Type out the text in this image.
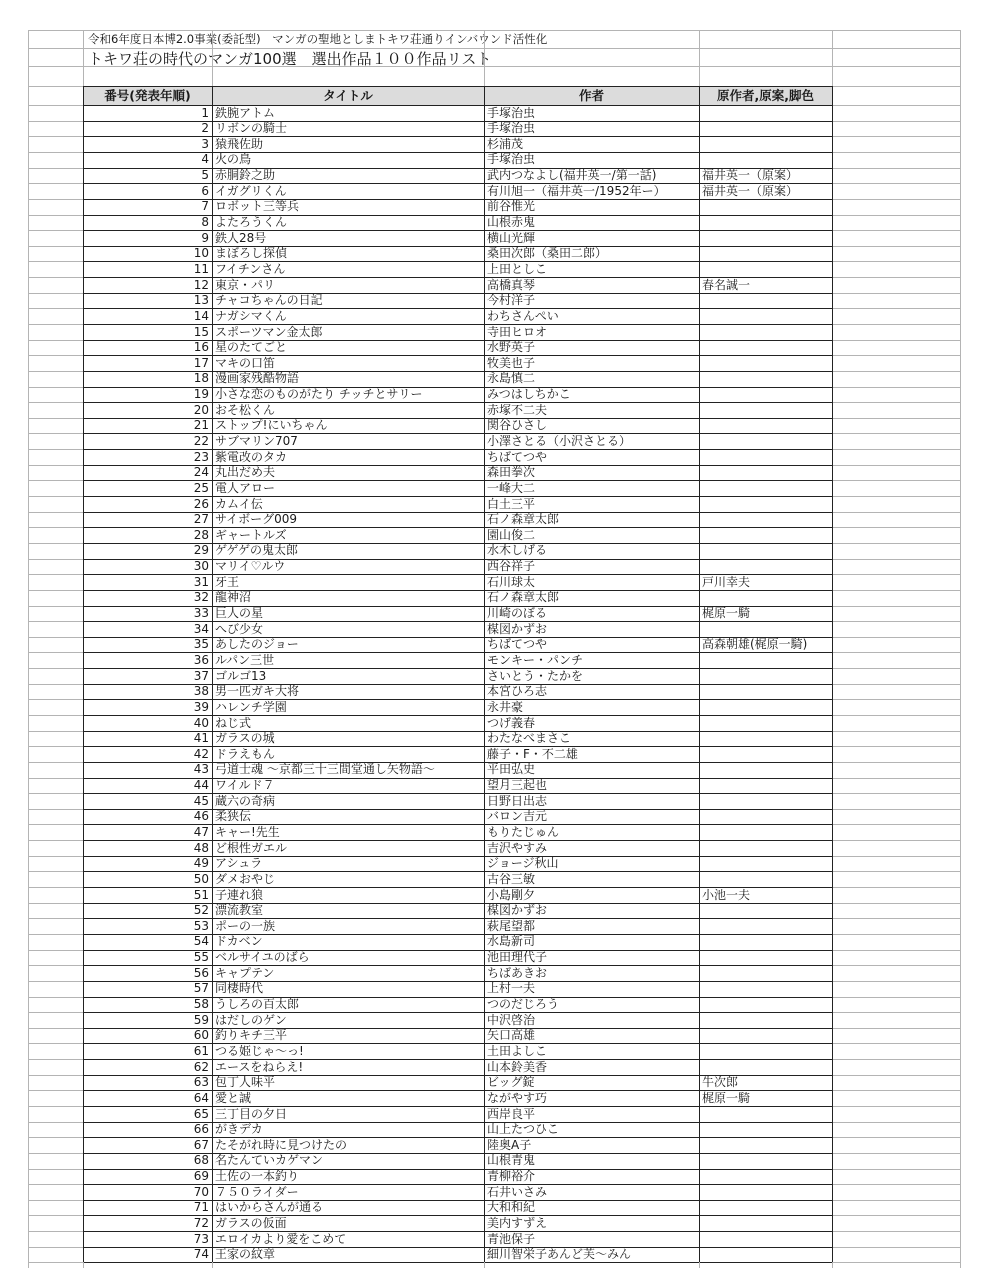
令和6年度日本博2.0事業(委託型)　マンガの聖地としまトキワ荘通りインバウンド活性化
トキワ荘の時代のマンガ100選　選出作品１００作品リスト
番号(発表年順)	タイトル	作者	原作者,原案,脚色
1 鉄腕アトム	手塚治虫
2 リボンの騎士	手塚治虫
3 猿飛佐助	杉浦茂
4 火の鳥	手塚治虫
5 赤胴鈴之助	武内つなよし(福井英一/第一話)	福井英一（原案）
6 イガグリくん	有川旭一（福井英一/1952年ー）	福井英一（原案）
7 ロボット三等兵	前谷惟光
8 よたろうくん	山根赤鬼
9 鉄人28号	横山光輝
10 まぼろし探偵	桑田次郎（桑田二郎）
11 フイチンさん	上田としこ
12 東京・パリ	高橋真琴	春名誠一
13 チャコちゃんの日記	今村洋子
14 ナガシマくん	わちさんぺい
15 スポーツマン金太郎	寺田ヒロオ
16 星のたてごと	水野英子
17 マキの口笛	牧美也子
18 漫画家残酷物語	永島慎二
19 小さな恋のものがたり チッチとサリー	みつはしちかこ
20 おそ松くん	赤塚不二夫
21 ストップ!にいちゃん	関谷ひさし
22 サブマリン707	小澤さとる（小沢さとる）
23 紫電改のタカ	ちばてつや
24 丸出だめ夫	森田拳次
25 電人アロー	一峰大二
26 カムイ伝	白土三平
27 サイボーグ009	石ノ森章太郎
28 ギャートルズ	園山俊二
29 ゲゲゲの鬼太郎	水木しげる
30 マリイ♡ルウ	西谷祥子
31 牙王	石川球太	戸川幸夫
32 龍神沼	石ノ森章太郎
33 巨人の星	川崎のぼる	梶原一騎
34 へび少女	楳図かずお
35 あしたのジョー	ちばてつや	高森朝雄(梶原一騎)
36 ルパン三世	モンキー・パンチ
37 ゴルゴ13	さいとう・たかを
38 男一匹ガキ大将	本宮ひろ志
39 ハレンチ学園	永井豪
40 ねじ式	つげ義春
41 ガラスの城	わたなべまさこ
42 ドラえもん	藤子・F・不二雄
43 弓道士魂 〜京都三十三間堂通し矢物語〜	平田弘史
44 ワイルド７	望月三起也
45 蔵六の奇病	日野日出志
46 柔狭伝	バロン吉元
47 キャー!先生	もりたじゅん
48 ど根性ガエル	吉沢やすみ
49 アシュラ	ジョージ秋山
50 ダメおやじ	古谷三敏
51 子連れ狼	小島剛夕	小池一夫
52 漂流教室	楳図かずお
53 ポーの一族	萩尾望都
54 ドカベン	水島新司
55 ベルサイユのばら	池田理代子
56 キャプテン	ちばあきお
57 同棲時代	上村一夫
58 うしろの百太郎	つのだじろう
59 はだしのゲン	中沢啓治
60 釣りキチ三平	矢口高雄
61 つる姫じゃ〜っ!	土田よしこ
62 エースをねらえ!	山本鈴美香
63 包丁人味平	ビッグ錠	牛次郎
64 愛と誠	ながやす巧	梶原一騎
65 三丁目の夕日	西岸良平
66 がきデカ	山上たつひこ
67 たそがれ時に見つけたの	陸奥A子
68 名たんていカゲマン	山根青鬼
69 土佐の一本釣り	青柳裕介
70 ７５０ライダー	石井いさみ
71 はいからさんが通る	大和和紀
72 ガラスの仮面	美内すずえ
73 エロイカより愛をこめて	青池保子
74 王家の紋章	細川智栄子あんど芙〜みん
